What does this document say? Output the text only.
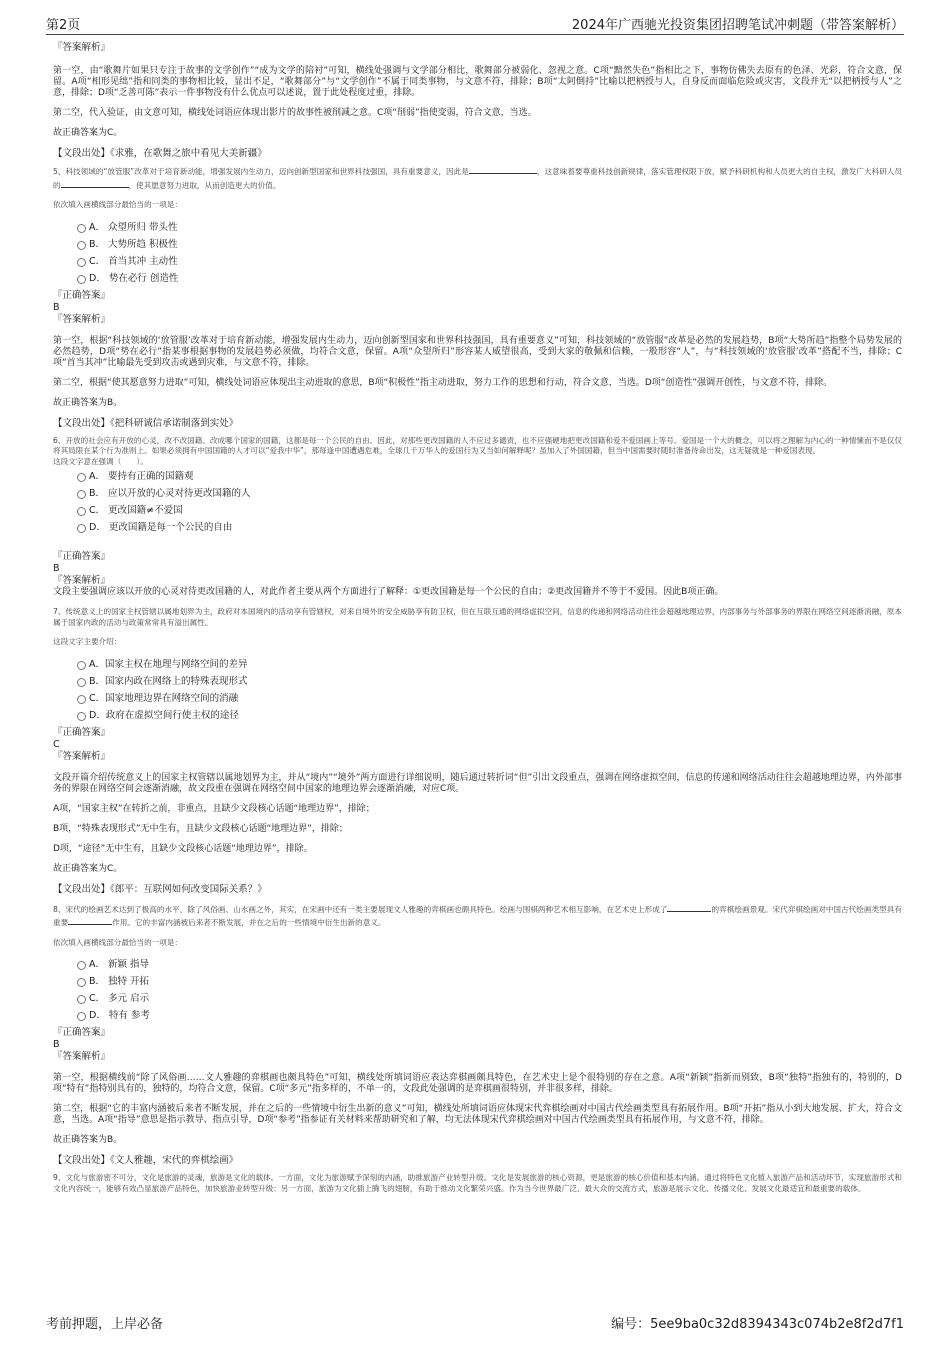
第2页	2024年广西驰光投资集团招聘笔试冲刺题（带答案解析）
『答案解析』
第一空，由“歌舞片如果只专注于故事的文学创作”“成为文学的陪衬”可知，横线处强调与文学部分相比，歌舞部分被弱化、忽视之意。C项“黯然失色”指相比之下，事物仿佛失去原有的色泽、光彩，符合文意，保留。A项“相形见绌”指和同类的事物相比较，显出不足，“歌舞部分”与“文学创作”不属于同类事物，与文意不符，排除；B项“太阿倒持”比喻以把柄授与人，自身反而面临危险或灾害，文段并无“以把柄授与人”之意，排除；D项“乏善可陈”表示一件事物没有什么优点可以述说，置于此处程度过重，排除。
第二空，代入验证，由文意可知，横线处词语应体现出影片的故事性被削减之意。C项“削弱”指使变弱，符合文意，当选。
故正确答案为C。
【文段出处】《求雅，在歌舞之旅中看见大美新疆》
5、科技领域的“放管服”改革对于培育新动能，增强发展内生动力，迈向创新型国家和世界科技强国，具有重要意义，因此是	，这意味着要尊重科技创新规律，落实管理权限下放，赋予科研机构和人员更大的自主权，激发广大科研人员的	，使其愿意努力进取，从而创造更大的价值。
依次填入画横线部分最恰当的一项是：
A． 众望所归 带头性
B． 大势所趋 积极性
C． 首当其冲 主动性
D． 势在必行 创造性
『正确答案』
B
『答案解析』
第一空，根据“科技领域的‘放管服’改革对于培育新动能，增强发展内生动力，迈向创新型国家和世界科技强国，具有重要意义”可知，科技领域的“放管服”改革是必然的发展趋势，B项“大势所趋”指整个局势发展的必然趋势，D项“势在必行”指某事根据事物的发展趋势必须做，均符合文意，保留。A项“众望所归”形容某人威望很高，受到大家的敬佩和信赖，一般形容“人”，与“科技领域的‘放管服’改革”搭配不当，排除；C项“首当其冲”比喻最先受到攻击或遇到灾难，与文意不符，排除。
第二空，根据“使其愿意努力进取”可知，横线处词语应体现出主动进取的意思，B项“积极性”指主动进取，努力工作的思想和行动，符合文意，当选。D项“创造性”强调开创性，与文意不符，排除。
故正确答案为B。
【文段出处】《把科研诚信承诺制落到实处》
6、开放的社会应有开放的心灵，改不改国籍、改成哪个国家的国籍，这都是每一个公民的自由。因此，对那些更改国籍的人不应过多谴责，也不应强硬地把更改国籍和爱不爱国画上等号。爱国是一个大的概念，可以将之理解为内心的一种情愫而不是仅仅将其局限在某个行为准则上。如果必须拥有中国国籍的人才可以“爱我中华”，那每逢中国遭遇危难，全球几千万华人的爱国行为又当如何解释呢？虽加入了外国国籍，但当中国需要时随时准备待命出发，这无疑就是一种爱国表现。
这段文字意在强调（　　）。
A． 要持有正确的国籍观
B． 应以开放的心灵对待更改国籍的人
C． 更改国籍≠不爱国
D． 更改国籍是每一个公民的自由
『正确答案』
B
『答案解析』
文段主要强调应该以开放的心灵对待更改国籍的人，对此作者主要从两个方面进行了解释：①更改国籍是每一个公民的自由；②更改国籍并不等于不爱国。因此B项正确。
7、传统意义上的国家主权管辖以属地划界为主，政府对本国境内的活动享有管辖权，对来自境外的安全威胁享有防卫权，但在互联互通的网络虚拟空间，信息的传递和网络活动往往会超越地理边界，内部事务与外部事务的界限在网络空间逐渐消融，原本属于国家内政的活动与政策常常具有溢出属性。
这段文字主要介绍：
A．国家主权在地理与网络空间的差异
B．国家内政在网络上的特殊表现形式
C．国家地理边界在网络空间的消融
D．政府在虚拟空间行使主权的途径
『正确答案』
C
『答案解析』
文段开篇介绍传统意义上的国家主权管辖以属地划界为主，并从“境内”“境外”两方面进行详细说明，随后通过转折词“但”引出文段重点，强调在网络虚拟空间，信息的传递和网络活动往往会超越地理边界，内外部事务的界限在网络空间会逐渐消融，故文段重在强调在网络空间中国家的地理边界会逐渐消融，对应C项。
A项，“国家主权”在转折之前，非重点，且缺少文段核心话题“地理边界”，排除；
B项，“特殊表现形式”无中生有，且缺少文段核心话题“地理边界”，排除；
D项，“途径”无中生有，且缺少文段核心话题“地理边界”，排除。
故正确答案为C。
【文段出处】《郎平：互联网如何改变国际关系？》
8、宋代的绘画艺术达到了极高的水平，除了风俗画、山水画之外，其实，在宋画中还有一类主要展现文人雅趣的弈棋画也颇具特色。绘画与围棋两种艺术相互影响，在艺术史上形成了	的弈棋绘画景观。宋代弈棋绘画对中国古代绘画类型具有重要	作用。它的丰富内涵被后来者不断发展，并在之后的一些情境中衍生出新的意义。
依次填入画横线部分最恰当的一项是：
A． 新颖 指导
B． 独特 开拓
C． 多元 启示
D． 特有 参考
『正确答案』
B
『答案解析』
第一空，根据横线前“除了风俗画……文人雅趣的弈棋画也颇具特色”可知，横线处所填词语应表达弈棋画颇具特色，在艺术史上是个很特别的存在之意。A项“新颖”指新而别致，B项“独特”指独有的，特别的，D项“特有”指特别具有的，独特的，均符合文意，保留。C项“多元”指多样的，不单一的，文段此处强调的是弈棋画很特别，并非很多样，排除。
第二空，根据“它的丰富内涵被后来者不断发展，并在之后的一些情境中衍生出新的意义”可知，横线处所填词语应体现宋代弈棋绘画对中国古代绘画类型具有拓展作用。B项“开拓”指从小到大地发展、扩大，符合文意，当选。A项“指导”意思是指示教导、指点引导，D项“参考”指参证有关材料来帮助研究和了解，均无法体现宋代弈棋绘画对中国古代绘画类型具有拓展作用，与文意不符，排除。
故正确答案为B。
【文段出处】《文人雅趣，宋代的弈棋绘画》
9、文化与旅游密不可分，文化是旅游的灵魂，旅游是文化的载体。一方面，文化为旅游赋予深刻的内涵，助推旅游产业转型升级。文化是发展旅游的核心资源，更是旅游的核心价值和基本内涵。通过将特色文化植入旅游产品和活动环节，实现旅游形式和文化内容统一，能够有效凸显旅游产品特色，加快旅游业转型升级；另一方面，旅游为文化插上腾飞的翅膀，有助于推动文化繁荣兴盛。作为当今世界最广泛、最大众的交流方式，旅游是展示文化、传播文化、发展文化最适宜和最重要的载体。
考前押题，上岸必备	编号：5ee9ba0c32d8394343c074b2e8f2d7f1
